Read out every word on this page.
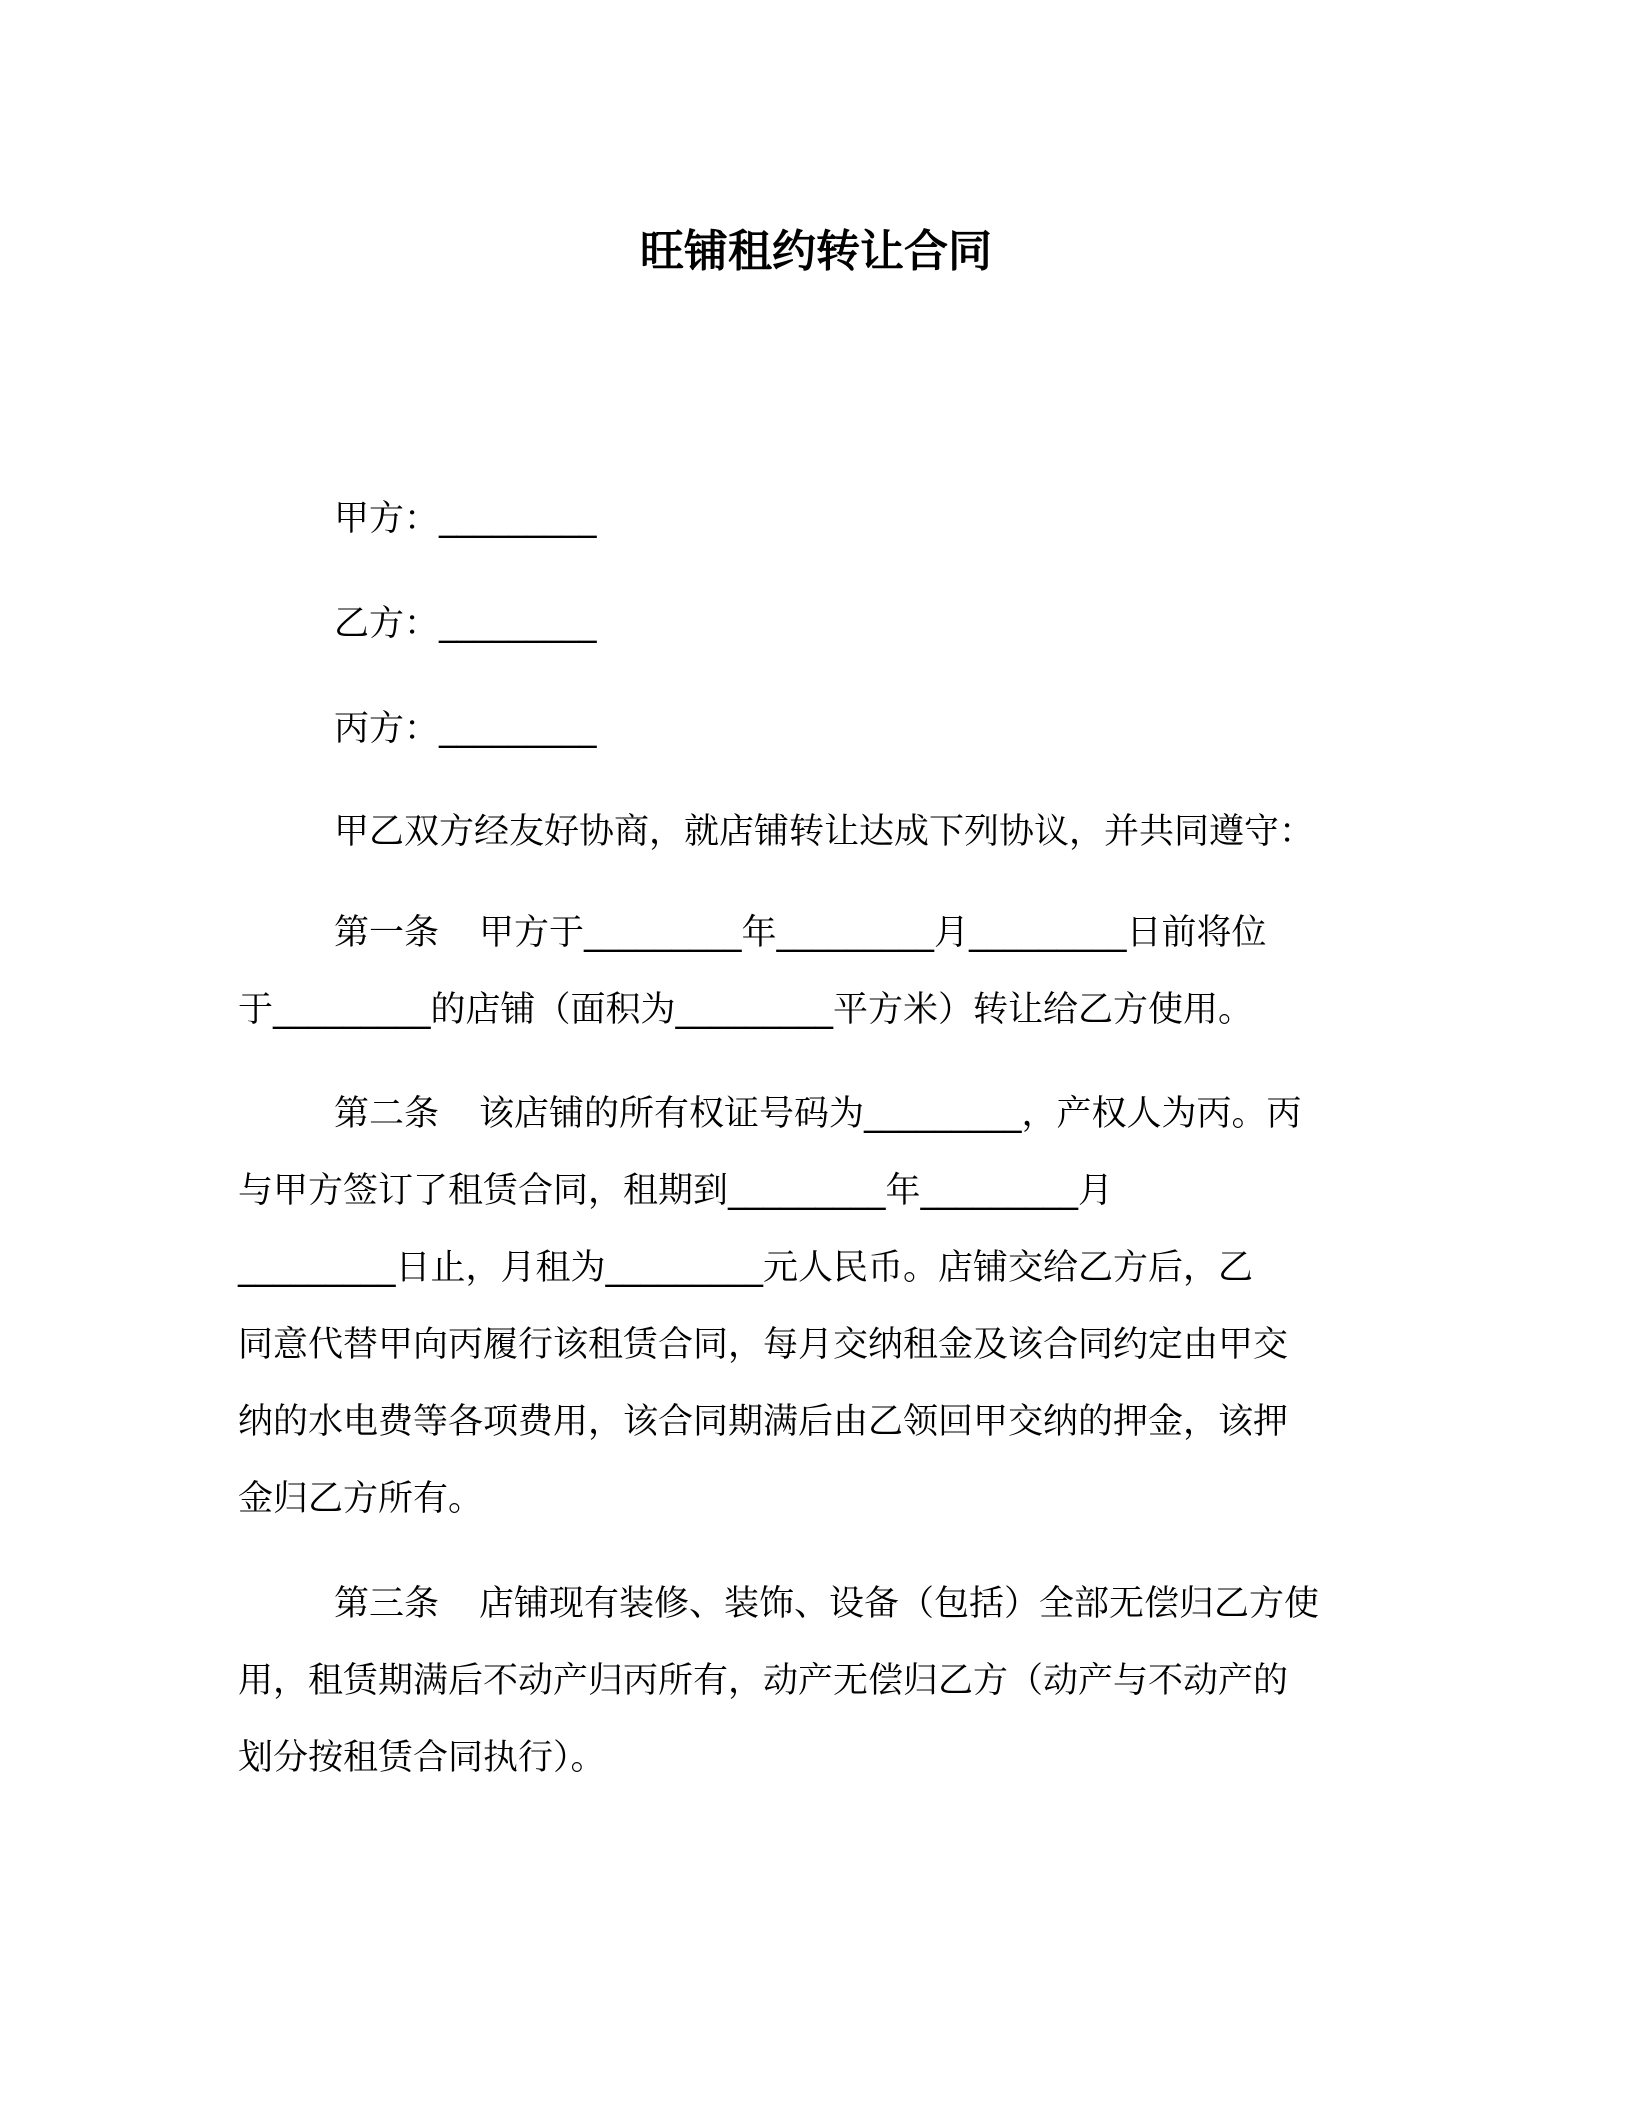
旺铺租约转让合同
甲方：_________
乙方：_________
丙方：_________
甲乙双方经友好协商，就店铺转让达成下列协议，并共同遵守：
第一条 甲方于_________年_________月_________日前将位
于_________的店铺（面积为_________平方米）转让给乙方使用。
第二条 该店铺的所有权证号码为_________，产权人为丙。丙
与甲方签订了租赁合同，租期到_________年_________月
_________日止，月租为_________元人民币。店铺交给乙方后，乙
同意代替甲向丙履行该租赁合同，每月交纳租金及该合同约定由甲交
纳的水电费等各项费用，该合同期满后由乙领回甲交纳的押金，该押
金归乙方所有。
第三条 店铺现有装修、装饰、设备（包括）全部无偿归乙方使
用，租赁期满后不动产归丙所有，动产无偿归乙方（动产与不动产的
划分按租赁合同执行）。
